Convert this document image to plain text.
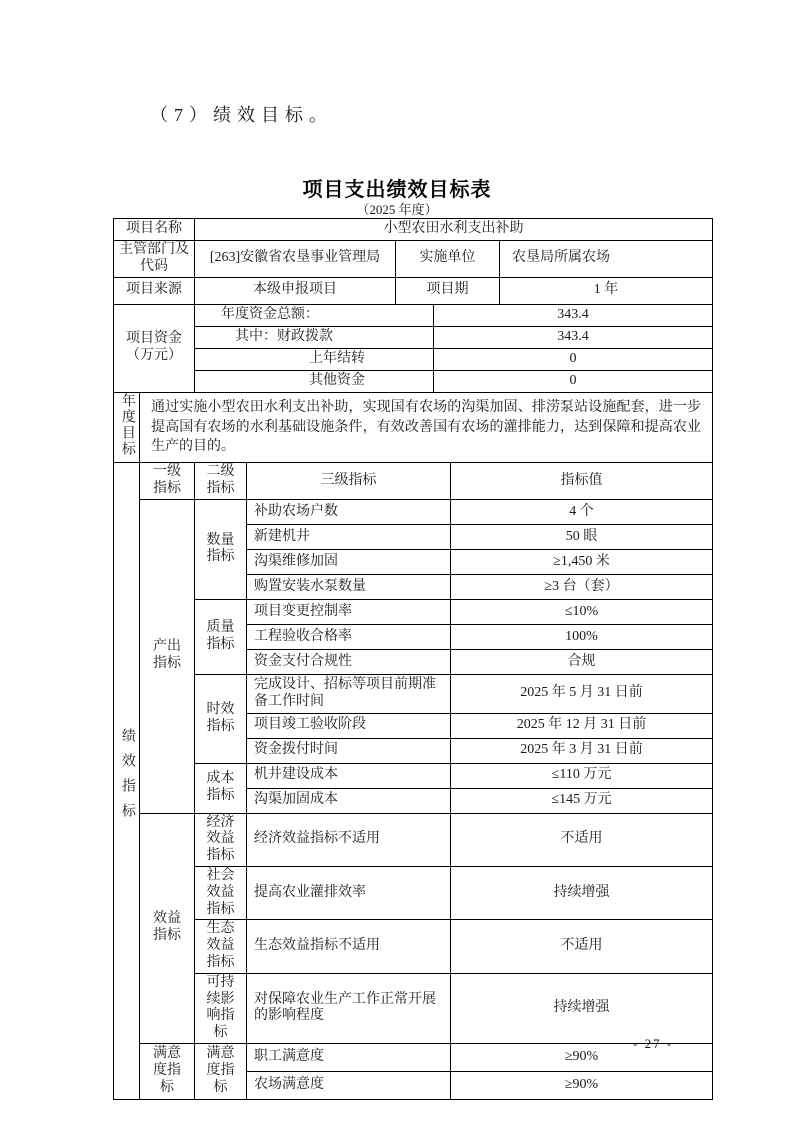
（7）绩效目标。
项目支出绩效目标表
（2025 年度）
项目名称		小型农田水利支出补助					
主管部门及代码		[263]安徽省农垦事业管理局		实施单位			农垦局所属农场
项目来源		本级申报项目		项目期			1 年
项目资金（万元）		年度资金总额：			343.4		
		其中：财政拨款			343.4		
		上年结转			0		
		其他资金			0		
年度目标	通过实施小型农田水利支出补助，实现国有农场的沟渠加固、排涝泵站设施配套，进一步提高国有农场的水利基础设施条件，有效改善国有农场的灌排能力，达到保障和提高农业生产的目的。						
绩效指标	一级指标	二级指标	三级指标			指标值	
	产出指标	数量指标	补助农场户数			4 个	
			新建机井			50 眼	
			沟渠维修加固			≥1,450 米	
			购置安装水泵数量			≥3 台（套）	
		质量指标	项目变更控制率			≤10%	
			工程验收合格率			100%	
			资金支付合规性			合规	
		时效指标	完成设计、招标等项目前期准备工作时间			2025 年 5 月 31 日前	
			项目竣工验收阶段			2025 年 12 月 31 日前	
			资金拨付时间			2025 年 3 月 31 日前	
		成本指标	机井建设成本			≤110 万元	
			沟渠加固成本			≤145 万元	
	效益指标	经济效益指标	经济效益指标不适用			不适用	
		社会效益指标	提高农业灌排效率			持续增强	
		生态效益指标	生态效益指标不适用			不适用	
		可持续影响指标	对保障农业生产工作正常开展的影响程度			持续增强	
	满意度指标	满意度指标	职工满意度			≥90%	
			农场满意度			≥90%	
- 27 -
